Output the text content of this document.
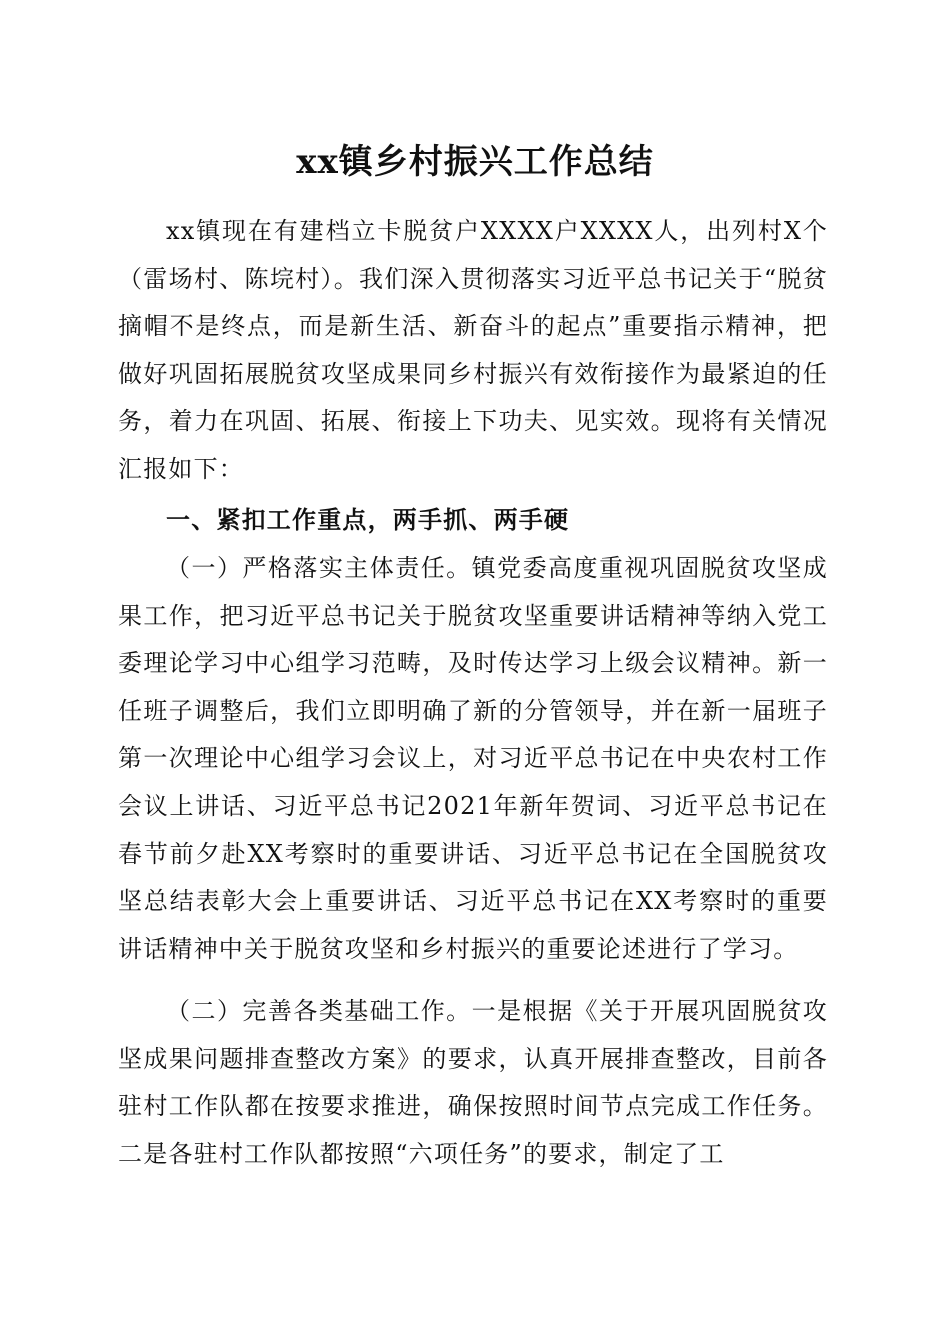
xx镇乡村振兴工作总结

xx镇现在有建档立卡脱贫户XXXX户XXXX人，出列村X个（雷场村、陈垸村）。我们深入贯彻落实习近平总书记关于“脱贫摘帽不是终点，而是新生活、新奋斗的起点”重要指示精神，把做好巩固拓展脱贫攻坚成果同乡村振兴有效衔接作为最紧迫的任务，着力在巩固、拓展、衔接上下功夫、见实效。现将有关情况汇报如下：

一、紧扣工作重点，两手抓、两手硬

（一）严格落实主体责任。镇党委高度重视巩固脱贫攻坚成果工作，把习近平总书记关于脱贫攻坚重要讲话精神等纳入党工委理论学习中心组学习范畴，及时传达学习上级会议精神。新一任班子调整后，我们立即明确了新的分管领导，并在新一届班子第一次理论中心组学习会议上，对习近平总书记在中央农村工作会议上讲话、习近平总书记2021年新年贺词、习近平总书记在春节前夕赴XX考察时的重要讲话、习近平总书记在全国脱贫攻坚总结表彰大会上重要讲话、习近平总书记在XX考察时的重要讲话精神中关于脱贫攻坚和乡村振兴的重要论述进行了学习。

（二）完善各类基础工作。一是根据《关于开展巩固脱贫攻坚成果问题排查整改方案》的要求，认真开展排查整改，目前各驻村工作队都在按要求推进，确保按照时间节点完成工作任务。二是各驻村工作队都按照“六项任务”的要求，制定了工
